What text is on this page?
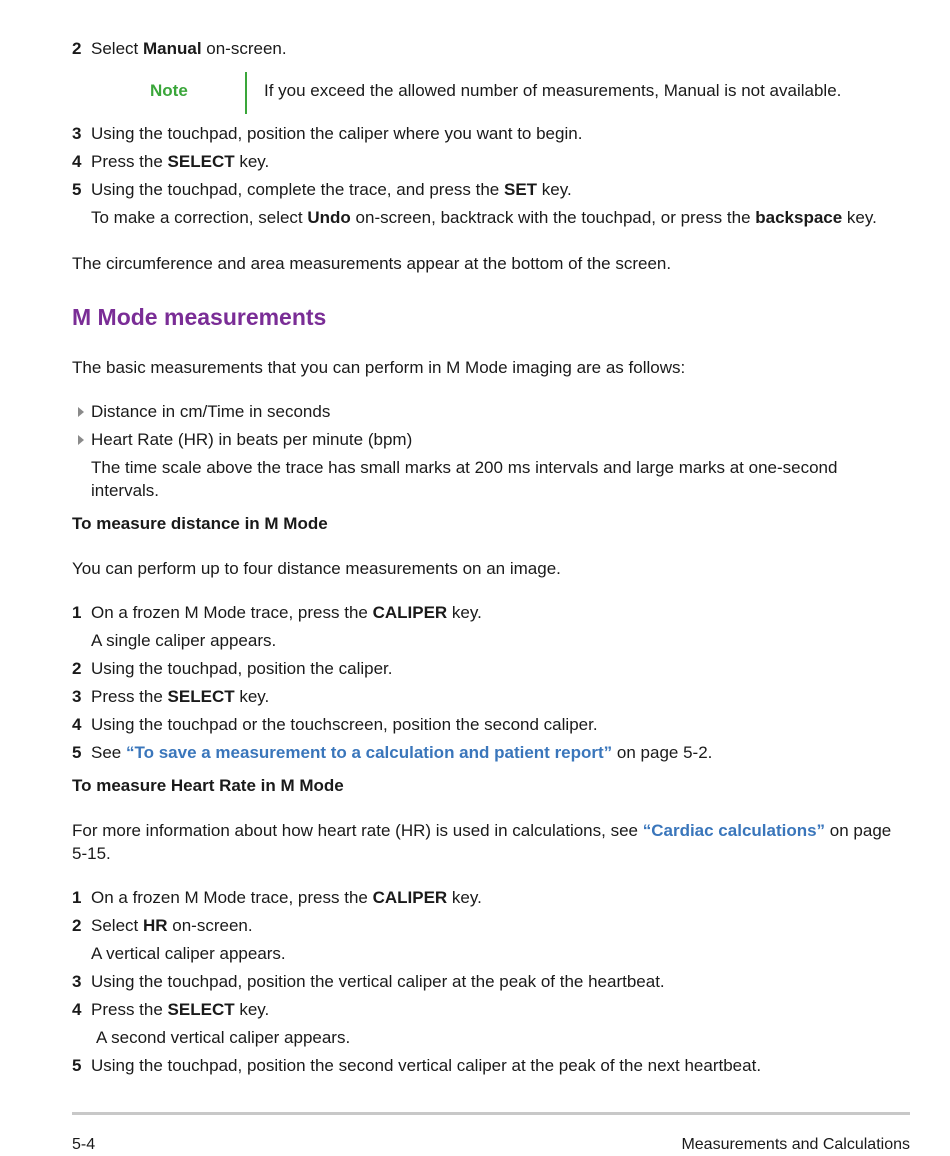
2 Select Manual on-screen.
Note	If you exceed the allowed number of measurements, Manual is not available.
3 Using the touchpad, position the caliper where you want to begin.
4 Press the SELECT key.
5 Using the touchpad, complete the trace, and press the SET key.
To make a correction, select Undo on-screen, backtrack with the touchpad, or press the backspace key.
The circumference and area measurements appear at the bottom of the screen.
M Mode measurements
The basic measurements that you can perform in M Mode imaging are as follows:
Distance in cm/Time in seconds
Heart Rate (HR) in beats per minute (bpm)
The time scale above the trace has small marks at 200 ms intervals and large marks at one-second intervals.
To measure distance in M Mode
You can perform up to four distance measurements on an image.
1 On a frozen M Mode trace, press the CALIPER key.
A single caliper appears.
2 Using the touchpad, position the caliper.
3 Press the SELECT key.
4 Using the touchpad or the touchscreen, position the second caliper.
5 See “To save a measurement to a calculation and patient report” on page 5-2.
To measure Heart Rate in M Mode
For more information about how heart rate (HR) is used in calculations, see “Cardiac calculations” on page 5-15.
1 On a frozen M Mode trace, press the CALIPER key.
2 Select HR on-screen.
A vertical caliper appears.
3 Using the touchpad, position the vertical caliper at the peak of the heartbeat.
4 Press the SELECT key.
A second vertical caliper appears.
5 Using the touchpad, position the second vertical caliper at the peak of the next heartbeat.
5-4	Measurements and Calculations
